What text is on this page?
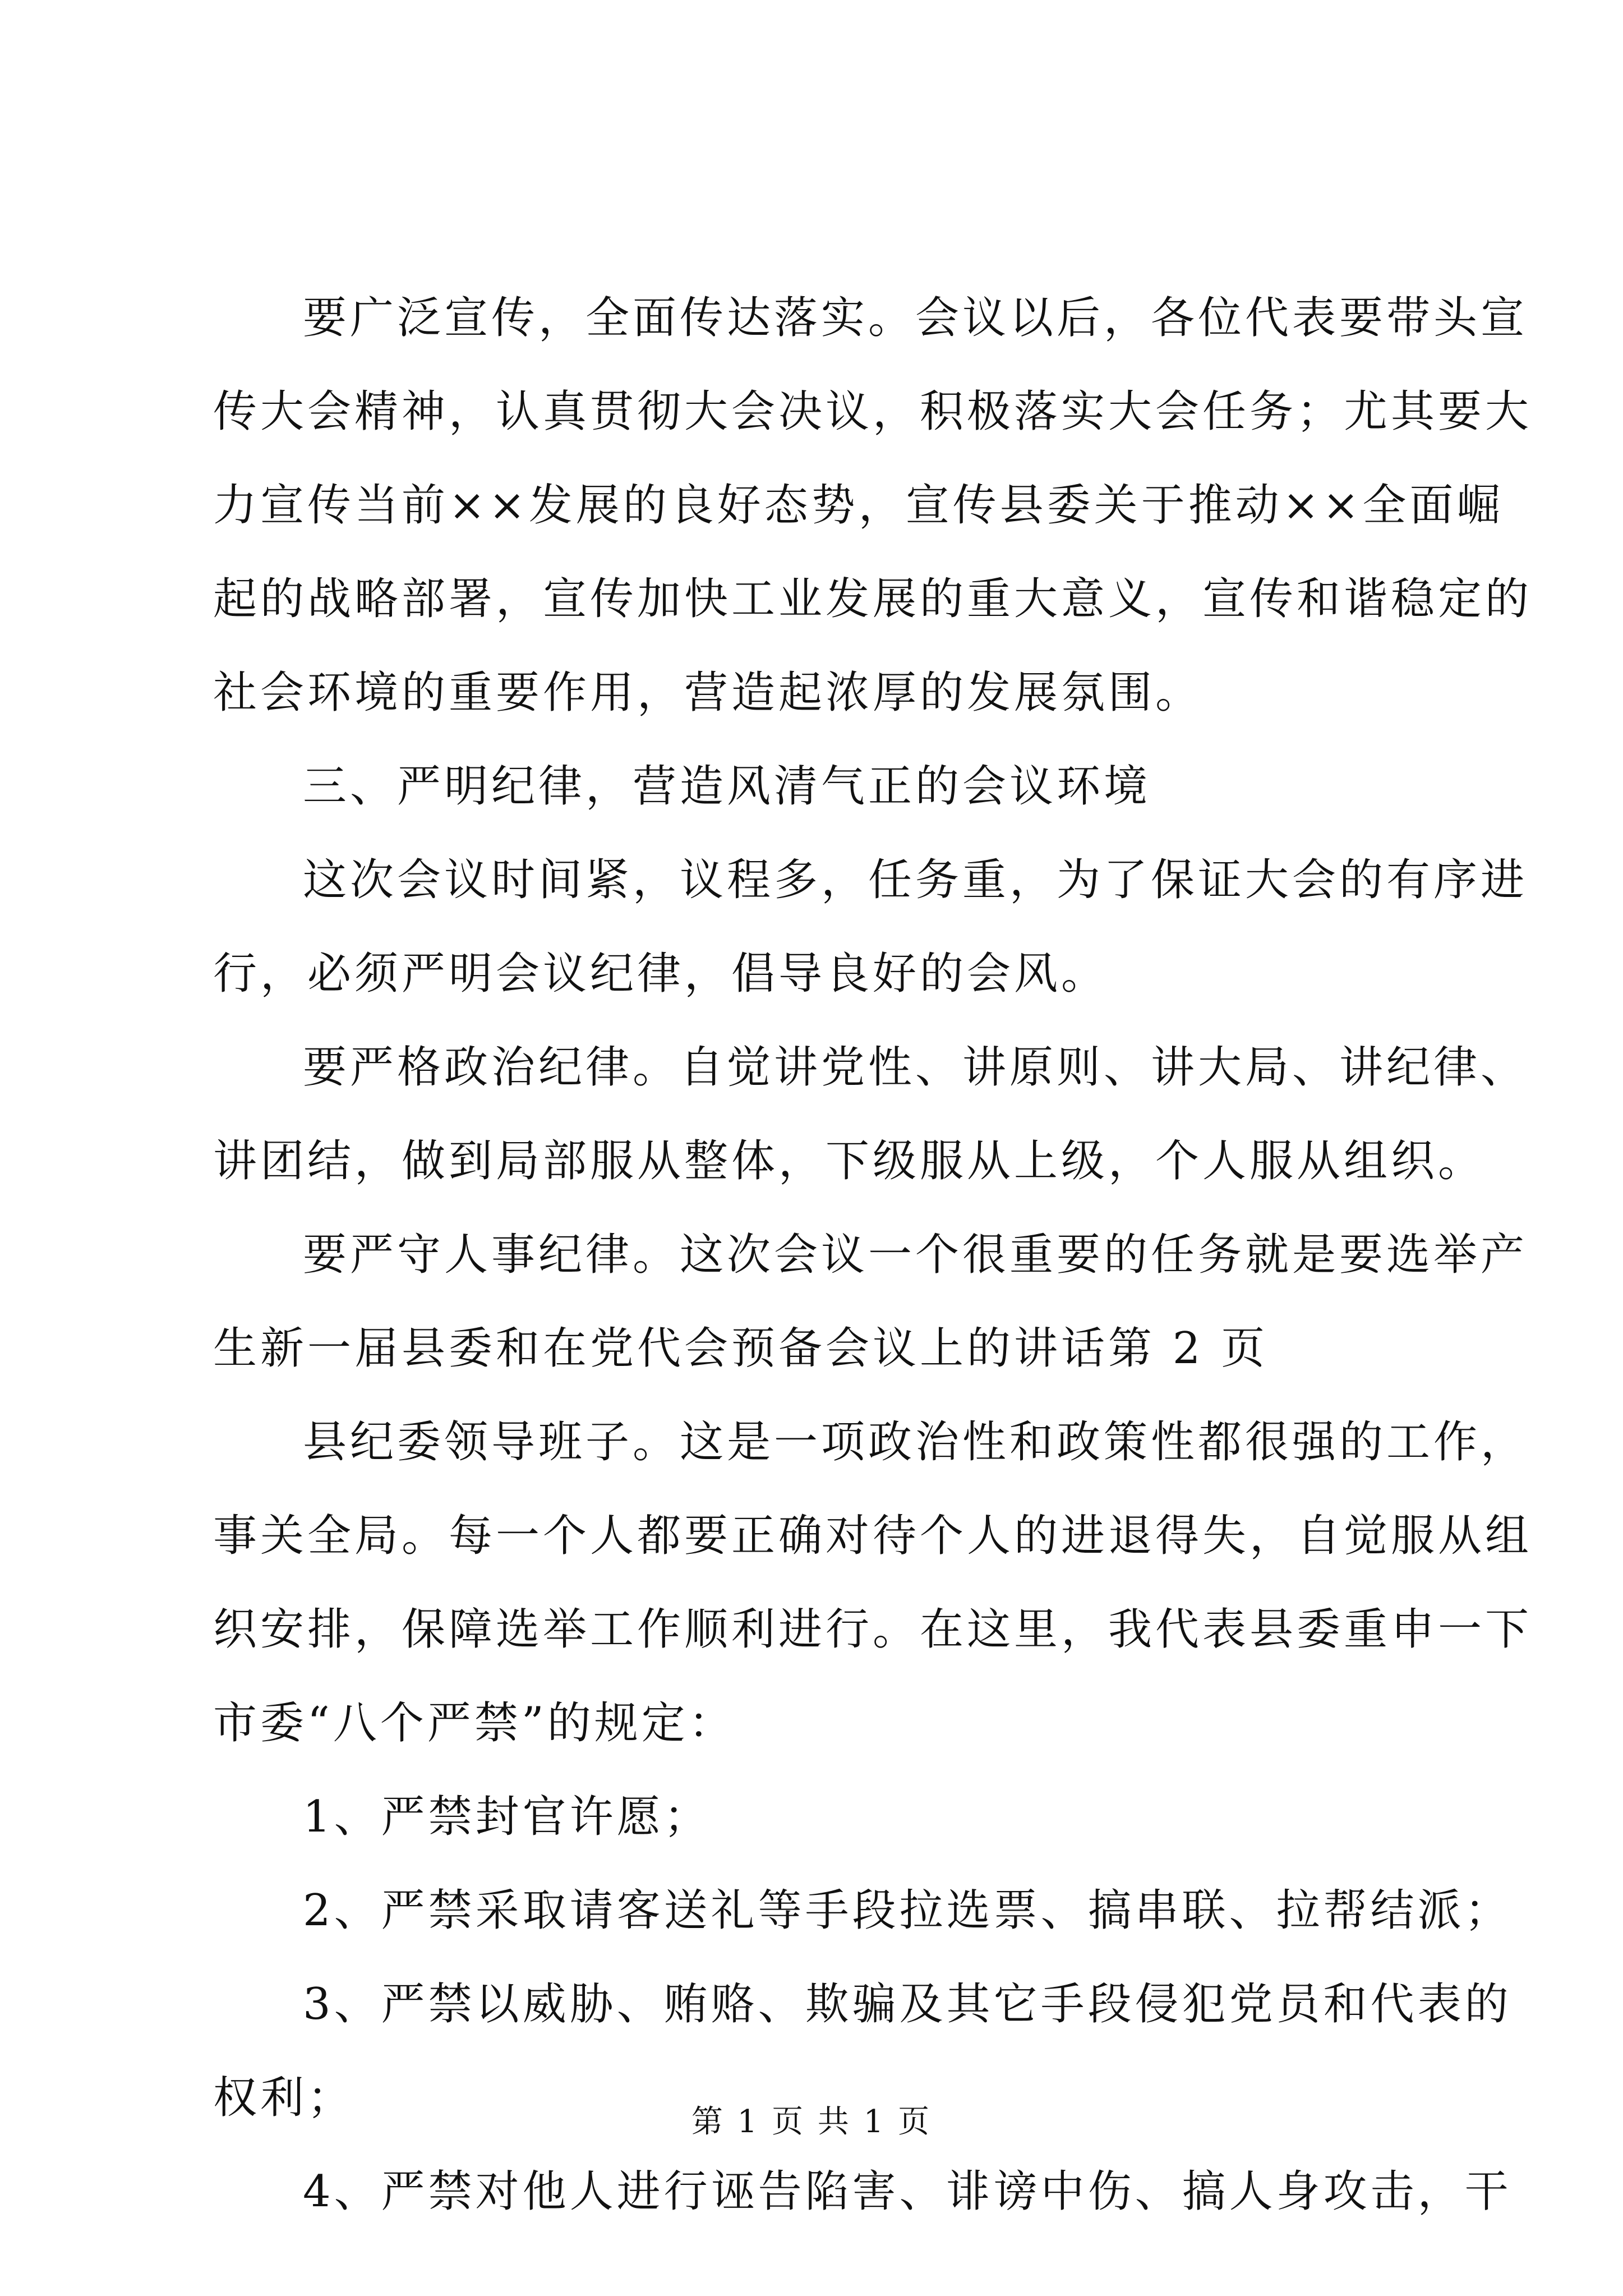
要广泛宣传，全面传达落实。会议以后，各位代表要带头宣
传大会精神，认真贯彻大会决议，积极落实大会任务；尤其要大
力宣传当前××发展的良好态势，宣传县委关于推动××全面崛
起的战略部署，宣传加快工业发展的重大意义，宣传和谐稳定的
社会环境的重要作用，营造起浓厚的发展氛围。
三、严明纪律，营造风清气正的会议环境
这次会议时间紧，议程多，任务重，为了保证大会的有序进
行，必须严明会议纪律，倡导良好的会风。
要严格政治纪律。自觉讲党性、讲原则、讲大局、讲纪律、
讲团结，做到局部服从整体，下级服从上级，个人服从组织。
要严守人事纪律。这次会议一个很重要的任务就是要选举产
生新一届县委和在党代会预备会议上的讲话第 2 页
县纪委领导班子。这是一项政治性和政策性都很强的工作，
事关全局。每一个人都要正确对待个人的进退得失，自觉服从组
织安排，保障选举工作顺利进行。在这里，我代表县委重申一下
市委“八个严禁”的规定：
1、严禁封官许愿；
2、严禁采取请客送礼等手段拉选票、搞串联、拉帮结派；
3、严禁以威胁、贿赂、欺骗及其它手段侵犯党员和代表的
权利；
4、严禁对他人进行诬告陷害、诽谤中伤、搞人身攻击，干
第 1 页 共 1 页
